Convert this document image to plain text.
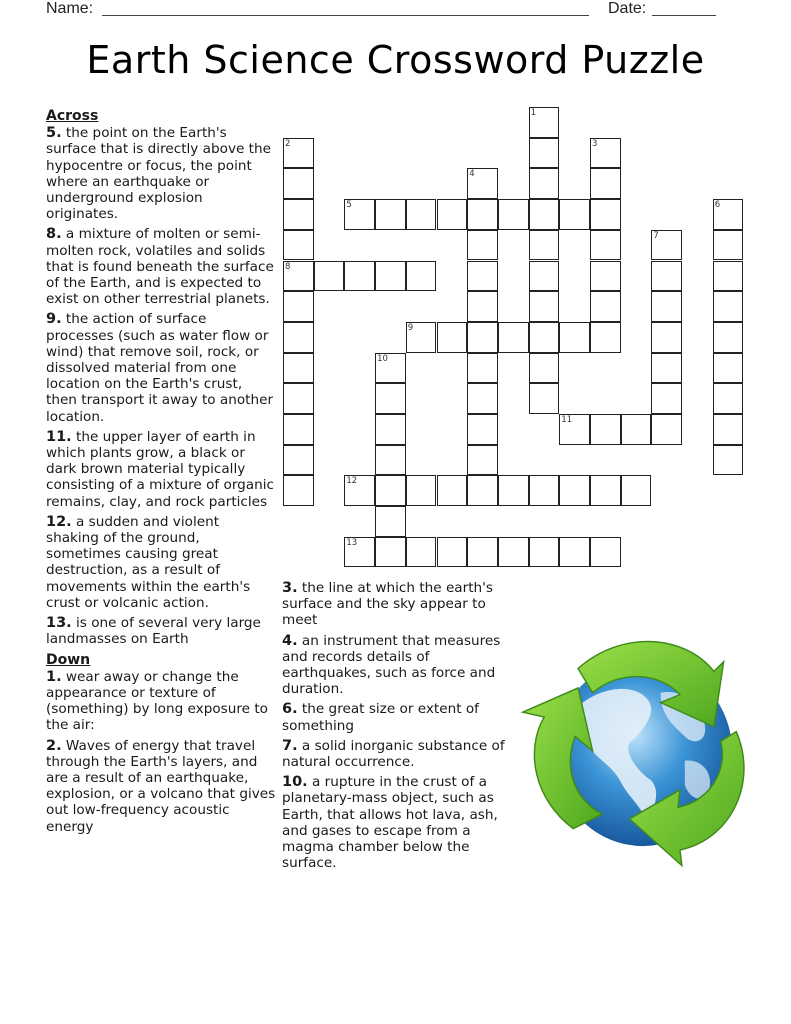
Name:	Date:
Earth Science Crossword Puzzle
Across
5. the point on the Earth's surface that is directly above the hypocentre or focus, the point where an earthquake or underground explosion originates.
8. a mixture of molten or semi-molten rock, volatiles and solids that is found beneath the surface of the Earth, and is expected to exist on other terrestrial planets.
9. the action of surface processes (such as water flow or wind) that remove soil, rock, or dissolved material from one location on the Earth's crust, then transport it away to another location.
11. the upper layer of earth in which plants grow, a black or dark brown material typically consisting of a mixture of organic remains, clay, and rock particles
12. a sudden and violent shaking of the ground, sometimes causing great destruction, as a result of movements within the earth's crust or volcanic action.
13. is one of several very large landmasses on Earth
Down
1. wear away or change the appearance or texture of (something) by long exposure to the air:
2. Waves of energy that travel through the Earth's layers, and are a result of an earthquake, explosion, or a volcano that gives out low-frequency acoustic energy
3. the line at which the earth's surface and the sky appear to meet
4. an instrument that measures and records details of earthquakes, such as force and duration.
6. the great size or extent of something
7. a solid inorganic substance of natural occurrence.
10. a rupture in the crust of a planetary-mass object, such as Earth, that allows hot lava, ash, and gases to escape from a magma chamber below the surface.
1
2
8
3
4
5	6
7
9
10
11
12
13
